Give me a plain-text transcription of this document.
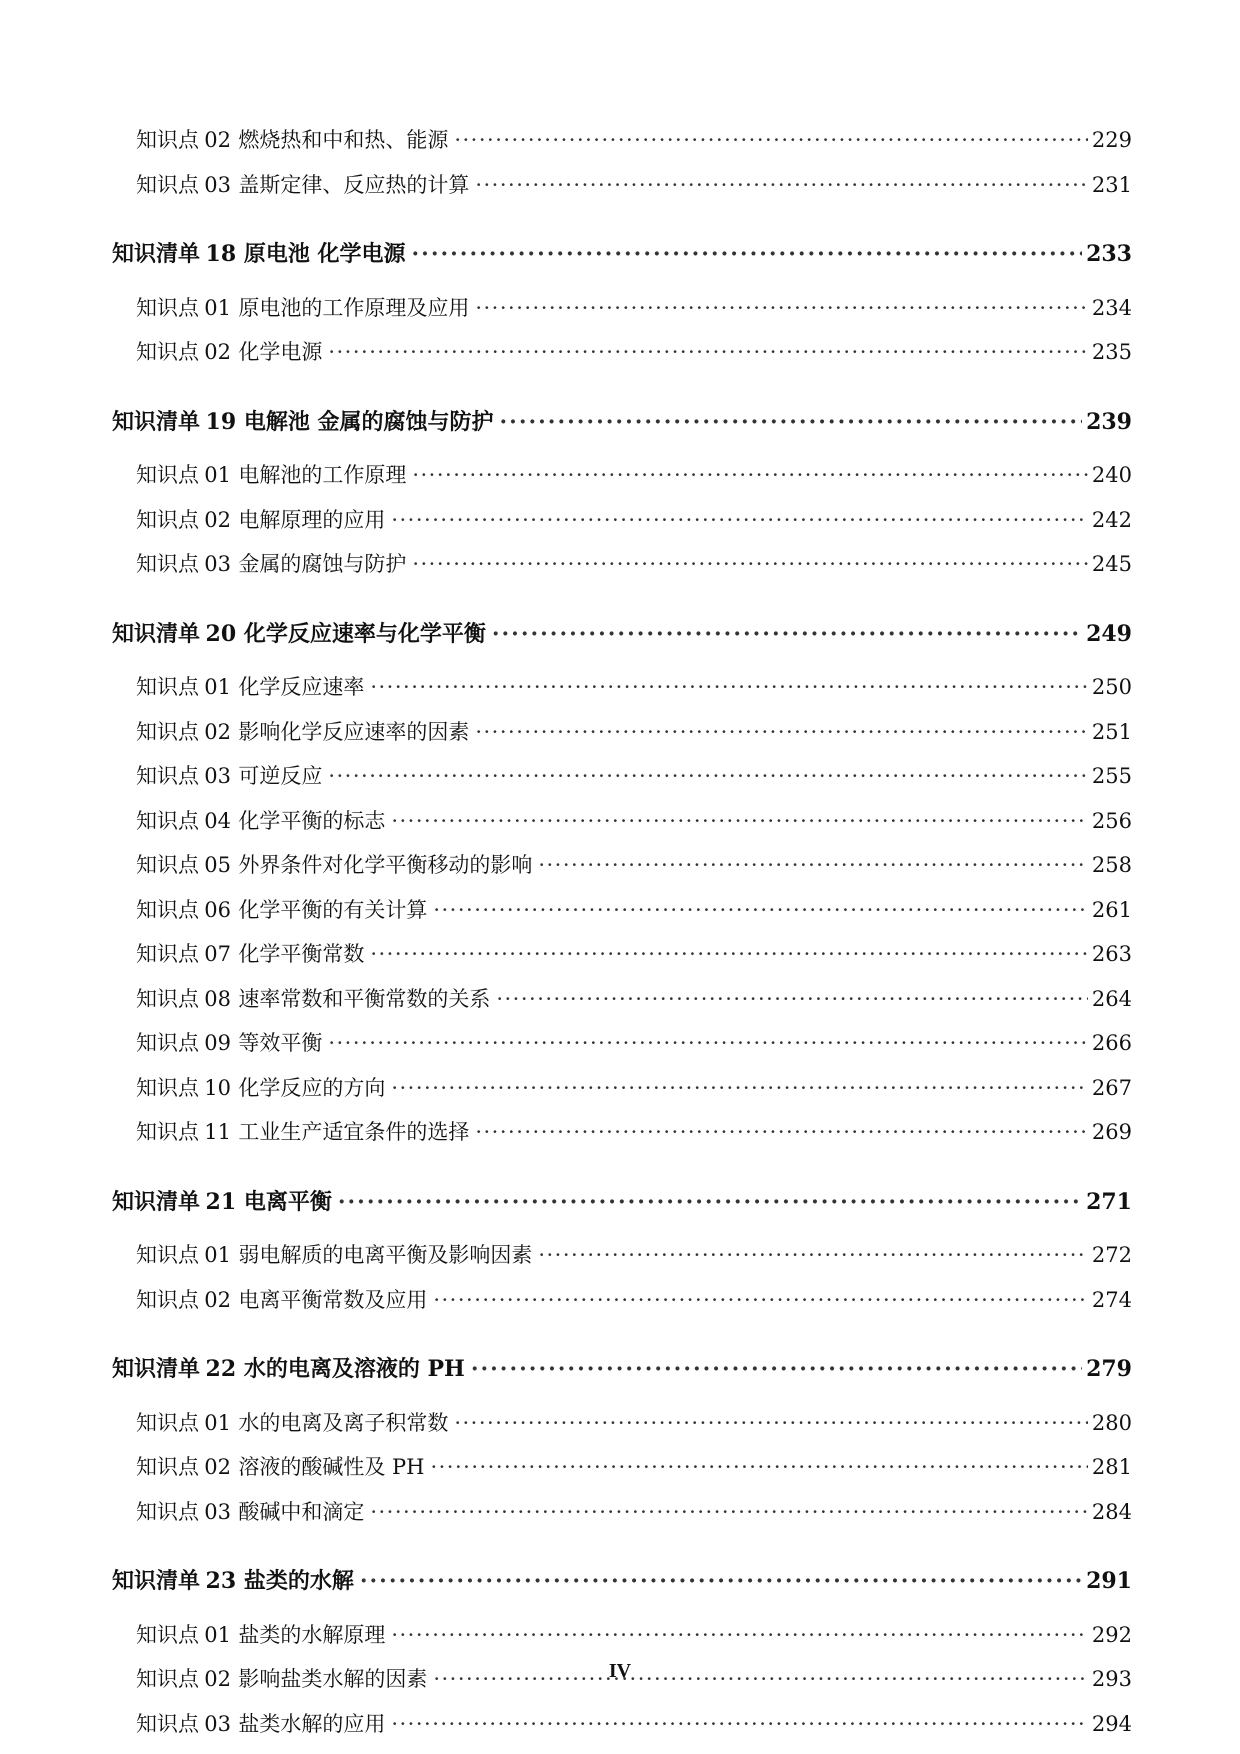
知识点 02 燃烧热和中和热、能源 ·····	229
知识点 03 盖斯定律、反应热的计算 ·····	231
知识清单 18 原电池 化学电源 ·····	233
知识点 01 原电池的工作原理及应用 ·····	234
知识点 02 化学电源 ·····	235
知识清单 19 电解池 金属的腐蚀与防护 ·····	239
知识点 01 电解池的工作原理 ·····	240
知识点 02 电解原理的应用 ·····	242
知识点 03 金属的腐蚀与防护 ·····	245
知识清单 20 化学反应速率与化学平衡 ·····	249
知识点 01 化学反应速率 ·····	250
知识点 02 影响化学反应速率的因素 ·····	251
知识点 03 可逆反应 ·····	255
知识点 04 化学平衡的标志 ·····	256
知识点 05 外界条件对化学平衡移动的影响 ·····	258
知识点 06 化学平衡的有关计算 ·····	261
知识点 07 化学平衡常数 ·····	263
知识点 08 速率常数和平衡常数的关系 ·····	264
知识点 09 等效平衡 ·····	266
知识点 10 化学反应的方向 ·····	267
知识点 11 工业生产适宜条件的选择 ·····	269
知识清单 21 电离平衡 ·····	271
知识点 01 弱电解质的电离平衡及影响因素 ·····	272
知识点 02 电离平衡常数及应用 ·····	274
知识清单 22 水的电离及溶液的 PH ·····	279
知识点 01 水的电离及离子积常数 ·····	280
知识点 02 溶液的酸碱性及 PH ·····	281
知识点 03 酸碱中和滴定 ·····	284
知识清单 23 盐类的水解 ·····	291
知识点 01 盐类的水解原理 ·····	292
知识点 02 影响盐类水解的因素 ·····	293
知识点 03 盐类水解的应用 ·····	294
IV
